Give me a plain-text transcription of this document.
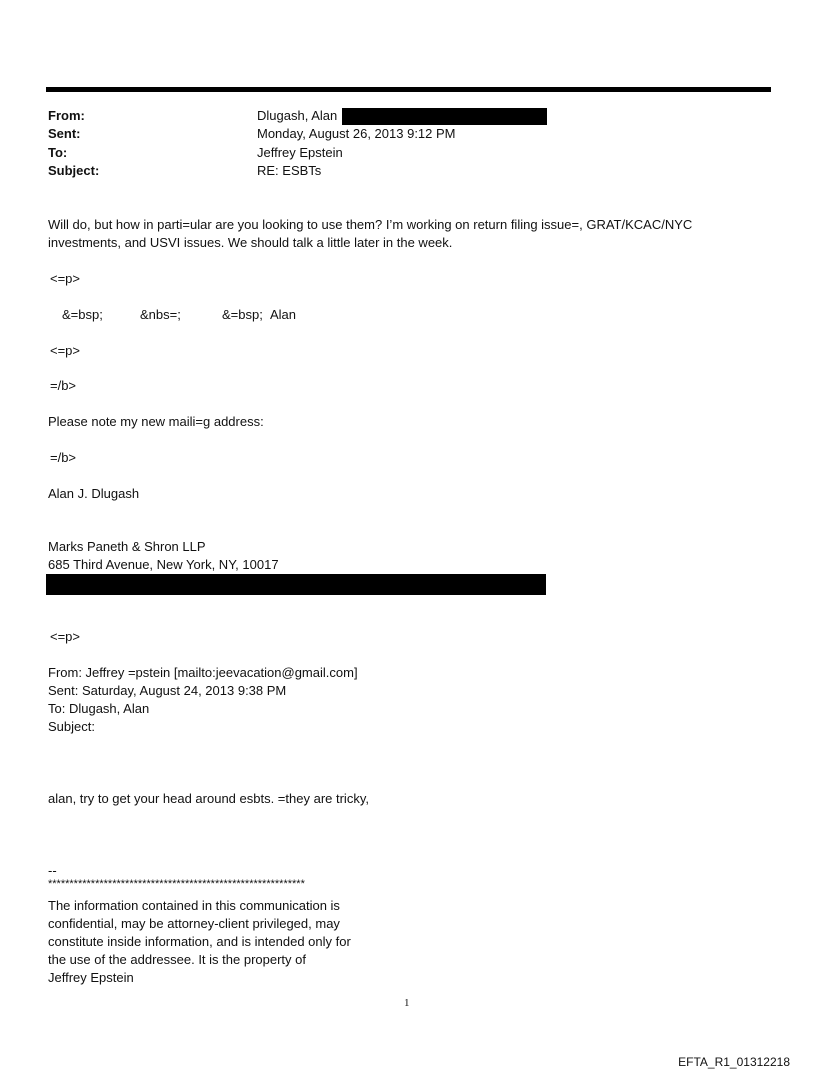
From:	Dlugash, Alan
Sent:	Monday, August 26, 2013 9:12 PM
To:	Jeffrey Epstein
Subject:	RE: ESBTs
Will do, but how in parti=ular are you looking to use them? I’m working on return filing issue=, GRAT/KCAC/NYC investments, and USVI issues. We should talk a little later in the week.
<=p>
&=bsp;	&nbs=;	&=bsp; Alan
<=p>
=/b>
Please note my new maili=g address:
=/b>
Alan J. Dlugash
Marks Paneth & Shron LLP
685 Third Avenue, New York, NY, 10017
<=p>
From: Jeffrey =pstein [mailto:jeevacation@gmail.com]
Sent: Saturday, August 24, 2013 9:38 PM
To: Dlugash, Alan
Subject:
alan, try to get your head around esbts. =they are tricky,
--
************************************************************
The information contained in this communication is
confidential, may be attorney-client privileged, may
constitute inside information, and is intended only for
the use of the addressee. It is the property of
Jeffrey Epstein
1
EFTA_R1_01312218
